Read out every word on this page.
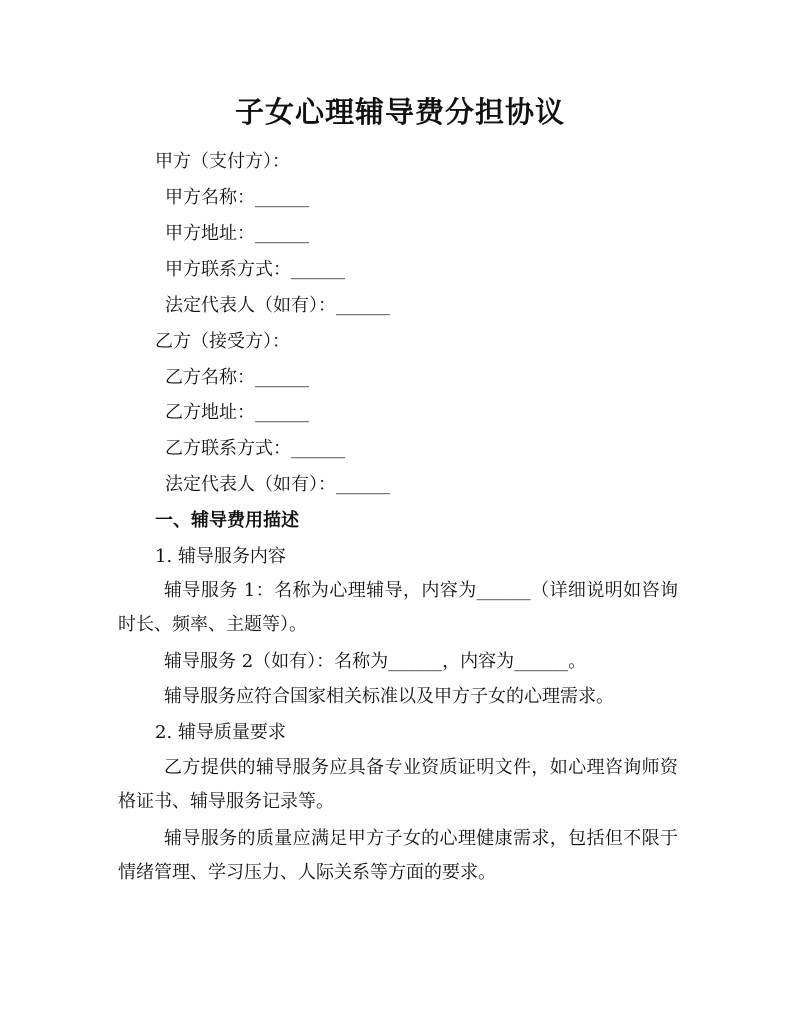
子女心理辅导费分担协议

甲方（支付方）：

甲方名称：______

甲方地址：______

甲方联系方式：______

法定代表人（如有）：______

乙方（接受方）：

乙方名称：______

乙方地址：______

乙方联系方式：______

法定代表人（如有）：______

一、辅导费用描述

1. 辅导服务内容

辅导服务 1：名称为心理辅导，内容为______（详细说明如咨询时长、频率、主题等）。

辅导服务 2（如有）：名称为______，内容为______。

辅导服务应符合国家相关标准以及甲方子女的心理需求。

2. 辅导质量要求

乙方提供的辅导服务应具备专业资质证明文件，如心理咨询师资格证书、辅导服务记录等。

辅导服务的质量应满足甲方子女的心理健康需求，包括但不限于情绪管理、学习压力、人际关系等方面的要求。
